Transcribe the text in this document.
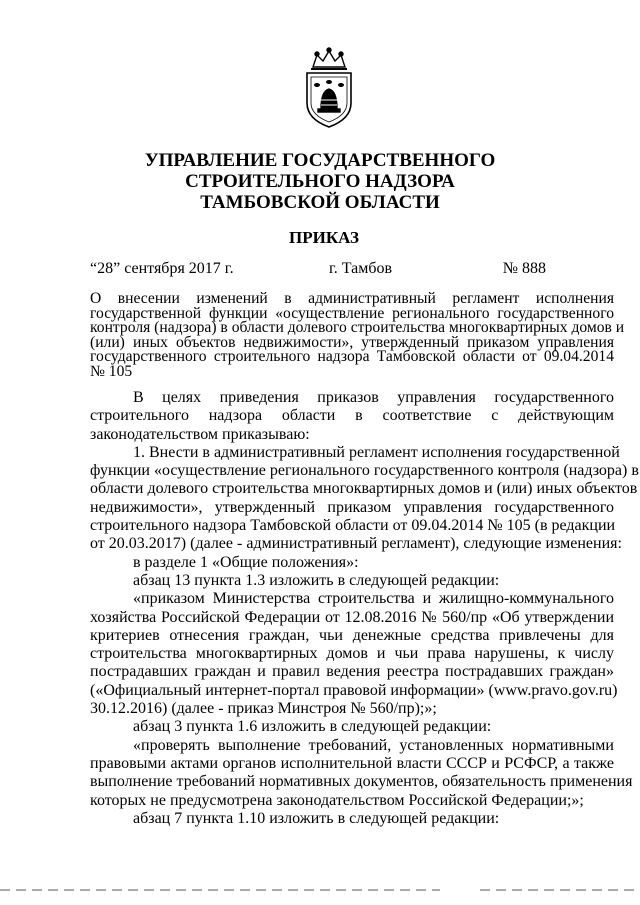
УПРАВЛЕНИЕ ГОСУДАРСТВЕННОГО
СТРОИТЕЛЬНОГО НАДЗОРА
ТАМБОВСКОЙ ОБЛАСТИ
ПРИКАЗ
“28” сентября 2017 г.	г. Тамбов	№ 888
О внесении изменений в административный регламент исполнения
государственной функции «осуществление регионального государственного
контроля (надзора) в области долевого строительства многоквартирных домов и
(или) иных объектов недвижимости», утвержденный приказом управления
государственного строительного надзора Тамбовской области от 09.04.2014
№ 105
В целях приведения приказов управления государственного
строительного надзора области в соответствие с действующим
законодательством приказываю:
1. Внести в административный регламент исполнения государственной
функции «осуществление регионального государственного контроля (надзора) в
области долевого строительства многоквартирных домов и (или) иных объектов
недвижимости», утвержденный приказом управления государственного
строительного надзора Тамбовской области от 09.04.2014 № 105 (в редакции
от 20.03.2017) (далее - административный регламент), следующие изменения:
в разделе 1 «Общие положения»:
абзац 13 пункта 1.3 изложить в следующей редакции:
«приказом Министерства строительства и жилищно-коммунального
хозяйства Российской Федерации от 12.08.2016 № 560/пр «Об утверждении
критериев отнесения граждан, чьи денежные средства привлечены для
строительства многоквартирных домов и чьи права нарушены, к числу
пострадавших граждан и правил ведения реестра пострадавших граждан»
(«Официальный интернет-портал правовой информации» (www.pravo.gov.ru)
30.12.2016) (далее - приказ Минстроя № 560/пр);»;
абзац 3 пункта 1.6 изложить в следующей редакции:
«проверять выполнение требований, установленных нормативными
правовыми актами органов исполнительной власти СССР и РСФСР, а также
выполнение требований нормативных документов, обязательность применения
которых не предусмотрена законодательством Российской Федерации;»;
абзац 7 пункта 1.10 изложить в следующей редакции:
